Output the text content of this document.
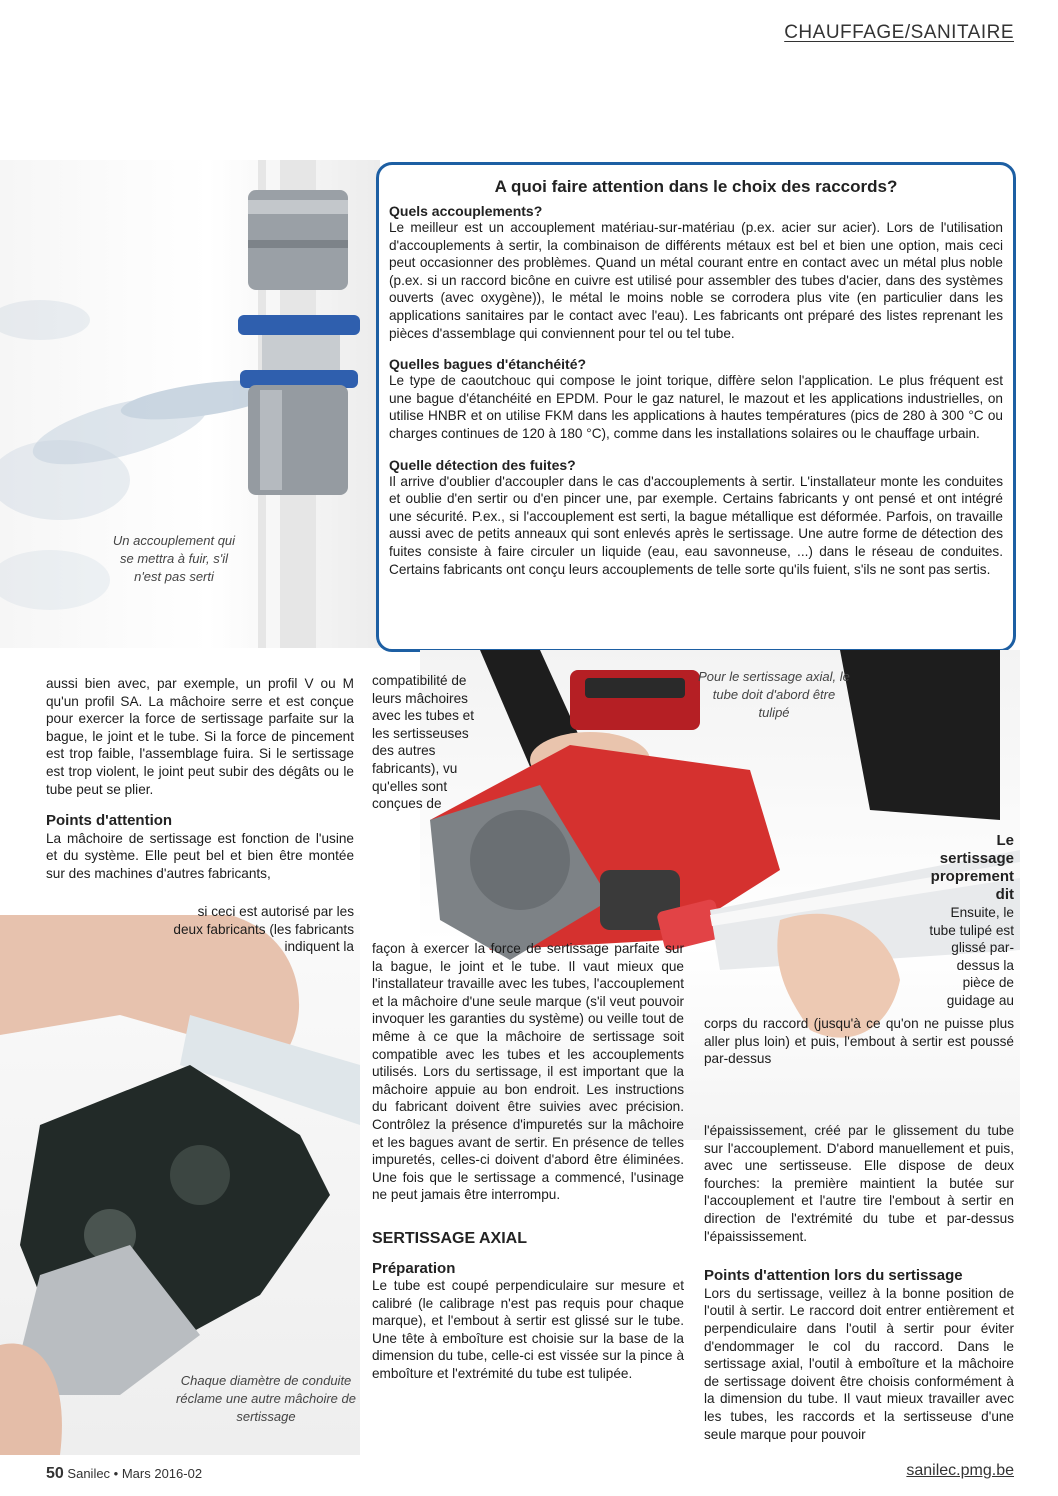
CHAUFFAGE/SANITAIRE
Un accouplement qui se mettra à fuir, s'il n'est pas serti
A quoi faire attention dans le choix des raccords?
Quels accouplements?

Le meilleur est un accouplement matériau-sur-matériau (p.ex. acier sur acier). Lors de l'utilisation d'accouplements à sertir, la combinaison de différents métaux est bel et bien une option, mais ceci peut occasionner des problèmes. Quand un métal courant entre en contact avec un métal plus noble (p.ex. si un raccord bicône en cuivre est utilisé pour assembler des tubes d'acier, dans des systèmes ouverts (avec oxygène)), le métal le moins noble se corrodera plus vite (en particulier dans les applications sanitaires par le contact avec l'eau). Les fabricants ont préparé des listes reprenant les pièces d'assemblage qui conviennent pour tel ou tel tube.

Quelles bagues d'étanchéité?

Le type de caoutchouc qui compose le joint torique, diffère selon l'application. Le plus fréquent est une bague d'étanchéité en EPDM. Pour le gaz naturel, le mazout et les applications industrielles, on utilise HNBR et on utilise FKM dans les applications à hautes températures (pics de 280 à 300 °C ou charges continues de 120 à 180 °C), comme dans les installations solaires ou le chauffage urbain.

Quelle détection des fuites?

Il arrive d'oublier d'accoupler dans le cas d'accouplements à sertir. L'installateur monte les conduites et oublie d'en sertir ou d'en pincer une, par exemple. Certains fabricants y ont pensé et ont intégré une sécurité. P.ex., si l'accouplement est serti, la bague métallique est déformée. Parfois, on travaille aussi avec de petits anneaux qui sont enlevés après le sertissage. Une autre forme de détection des fuites consiste à faire circuler un liquide (eau, eau savonneuse, ...) dans le réseau de conduites. Certains fabricants ont conçu leurs accouplements de telle sorte qu'ils fuient, s'ils ne sont pas sertis.

Pour le sertissage axial, le tube doit d'abord être tulipé
Chaque diamètre de conduite réclame une autre mâchoire de sertissage

aussi bien avec, par exemple, un profil V ou M qu'un profil SA. La mâchoire serre et est conçue pour exercer la force de sertissage parfaite sur la bague, le joint et le tube. Si la force de pincement est trop faible, l'assemblage fuira. Si le sertissage est trop violent, le joint peut subir des dégâts ou le tube peut se plier.

Points d'attention

La mâchoire de sertissage est fonction de l'usine et du système. Elle peut bel et bien être montée sur des machines d'autres fabricants,

si ceci est autorisé par les deux fabricants (les fabricants indiquent la

compatibilité de leurs mâchoires avec les tubes et les sertisseuses des autres fabricants), vu qu'elles sont conçues de

façon à exercer la force de sertissage parfaite sur la bague, le joint et le tube. Il vaut mieux que l'installateur travaille avec les tubes, l'accouplement et la mâchoire d'une seule marque (s'il veut pouvoir invoquer les garanties du système) ou veille tout de même à ce que la mâchoire de sertissage soit compatible avec les tubes et les accouplements utilisés. Lors du sertissage, il est important que la mâchoire appuie au bon endroit. Les instructions du fabricant doivent être suivies avec précision. Contrôlez la présence d'impuretés sur la mâchoire et les bagues avant de sertir. En présence de telles impuretés, celles-ci doivent d'abord être éliminées. Une fois que le sertissage a commencé, l'usinage ne peut jamais être interrompu.

SERTISSAGE AXIAL

Préparation

Le tube est coupé perpendiculaire sur mesure et calibré (le calibrage n'est pas requis pour chaque marque), et l'embout à sertir est glissé sur le tube. Une tête à emboîture est choisie sur la base de la dimension du tube, celle-ci est vissée sur la pince à emboîture et l'extrémité du tube est tulipée.

Le sertissage proprement dit

Ensuite, le tube tulipé est glissé par-dessus la pièce de guidage au

corps du raccord (jusqu'à ce qu'on ne puisse plus aller plus loin) et puis, l'embout à sertir est poussé par-dessus

l'épaississement, créé par le glissement du tube sur l'accouplement. D'abord manuellement et puis, avec une sertisseuse. Elle dispose de deux fourches: la première maintient la butée sur l'accouplement et l'autre tire l'embout à sertir en direction de l'extrémité du tube et par-dessus l'épaississement.

Points d'attention lors du sertissage

Lors du sertissage, veillez à la bonne position de l'outil à sertir. Le raccord doit entrer entièrement et perpendiculaire dans l'outil à sertir pour éviter d'endommager le col du raccord. Dans le sertissage axial, l'outil à emboîture et la mâchoire de sertissage doivent être choisis conformément à la dimension du tube. Il vaut mieux travailler avec les tubes, les raccords et la sertisseuse d'une seule marque pour pouvoir

50 Sanilec • Mars 2016-02	sanilec.pmg.be
